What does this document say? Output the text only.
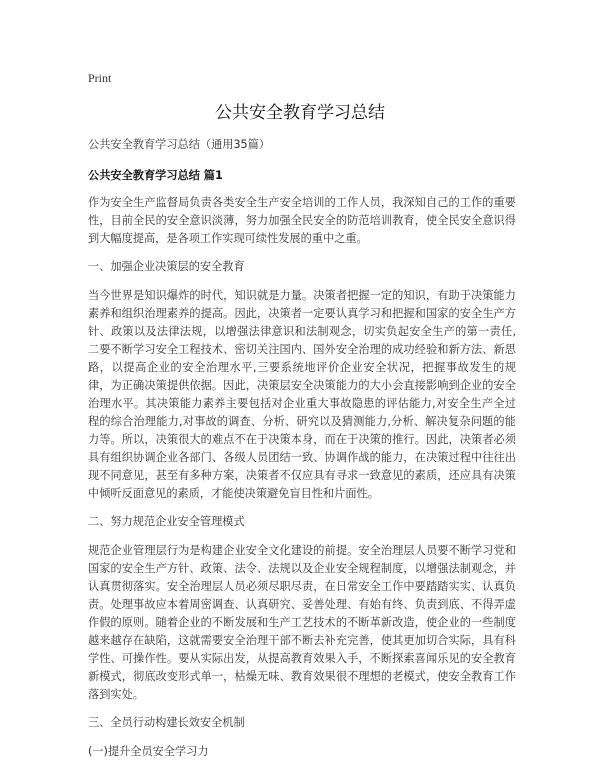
Print
公共安全教育学习总结

公共安全教育学习总结（通用35篇）

公共安全教育学习总结 篇1

作为安全生产监督局负责各类安全生产安全培训的工作人员，我深知自己的工作的重要性，目前全民的安全意识淡薄，努力加强全民安全的防范培训教育，使全民安全意识得到大幅度提高，是各项工作实现可续性发展的重中之重。

一、加强企业决策层的安全教育

当今世界是知识爆炸的时代，知识就是力量。决策者把握一定的知识，有助于决策能力素养和组织治理素养的提高。因此，决策者一定要认真学习和把握和国家的安全生产方针、政策以及法律法规，以增强法律意识和法制观念，切实负起安全生产的第一责任,二要不断学习安全工程技术、密切关注国内、国外安全治理的成功经验和新方法、新思路，以提高企业的安全治理水平,三要系统地评价企业安全状况，把握事故发生的规律，为正确决策提供依据。因此，决策层安全决策能力的大小会直接影响到企业的安全治理水平。其决策能力素养主要包括对企业重大事故隐患的评估能力,对安全生产全过程的综合治理能力,对事故的调查、分析、研究以及猜测能力,分析、解决复杂问题的能力等。所以，决策很大的难点不在于决策本身，而在于决策的推行。因此，决策者必须具有组织协调企业各部门、各级人员团结一致、协调作战的能力，在决策过程中往往出现不同意见，甚至有多种方案，决策者不仅应具有寻求一致意见的素质，还应具有决策中倾听反面意见的素质，才能使决策避免盲目性和片面性。

二、努力规范企业安全管理模式

规范企业管理层行为是构建企业安全文化建设的前提。安全治理层人员要不断学习党和国家的安全生产方针、政策、法令、法规以及企业安全规程制度，以增强法制观念，并认真贯彻落实。安全治理层人员必须尽职尽责，在日常安全工作中要踏踏实实、认真负责。处理事故应本着周密调查、认真研究、妥善处理、有始有终、负责到底、不得弄虚作假的原则。随着企业的不断发展和生产工艺技术的不断革新改造，使企业的一些制度越来越存在缺陷，这就需要安全治理干部不断去补充完善，使其更加切合实际，具有科学性、可操作性。要从实际出发，从提高教育效果入手，不断探索喜闻乐见的安全教育新模式，彻底改变形式单一，枯燥无味、教育效果很不理想的老模式，使安全教育工作落到实处。

三、全员行动构建长效安全机制

(一)提升全员安全学习力
